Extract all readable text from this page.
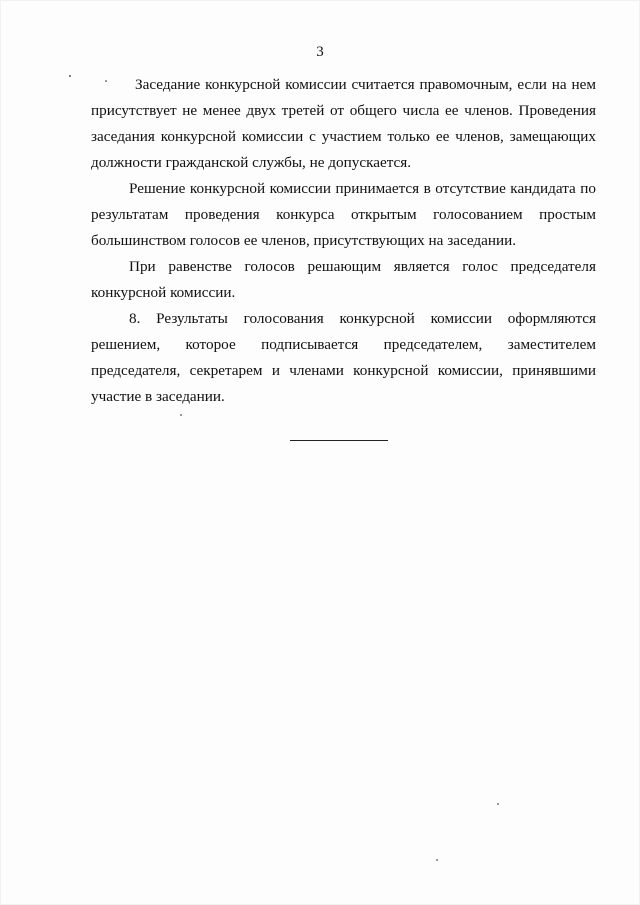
3

Заседание конкурсной комиссии считается правомочным, если на нем присутствует не менее двух третей от общего числа ее членов. Проведения заседания конкурсной комиссии с участием только ее членов, замещающих должности гражданской службы, не допускается.

Решение конкурсной комиссии принимается в отсутствие кандидата по результатам проведения конкурса открытым голосованием простым большинством голосов ее членов, присутствующих на заседании.

При равенстве голосов решающим является голос председателя конкурсной комиссии.

8. Результаты голосования конкурсной комиссии оформляются решением, которое подписывается председателем, заместителем председателя, секретарем и членами конкурсной комиссии, принявшими участие в заседании.
